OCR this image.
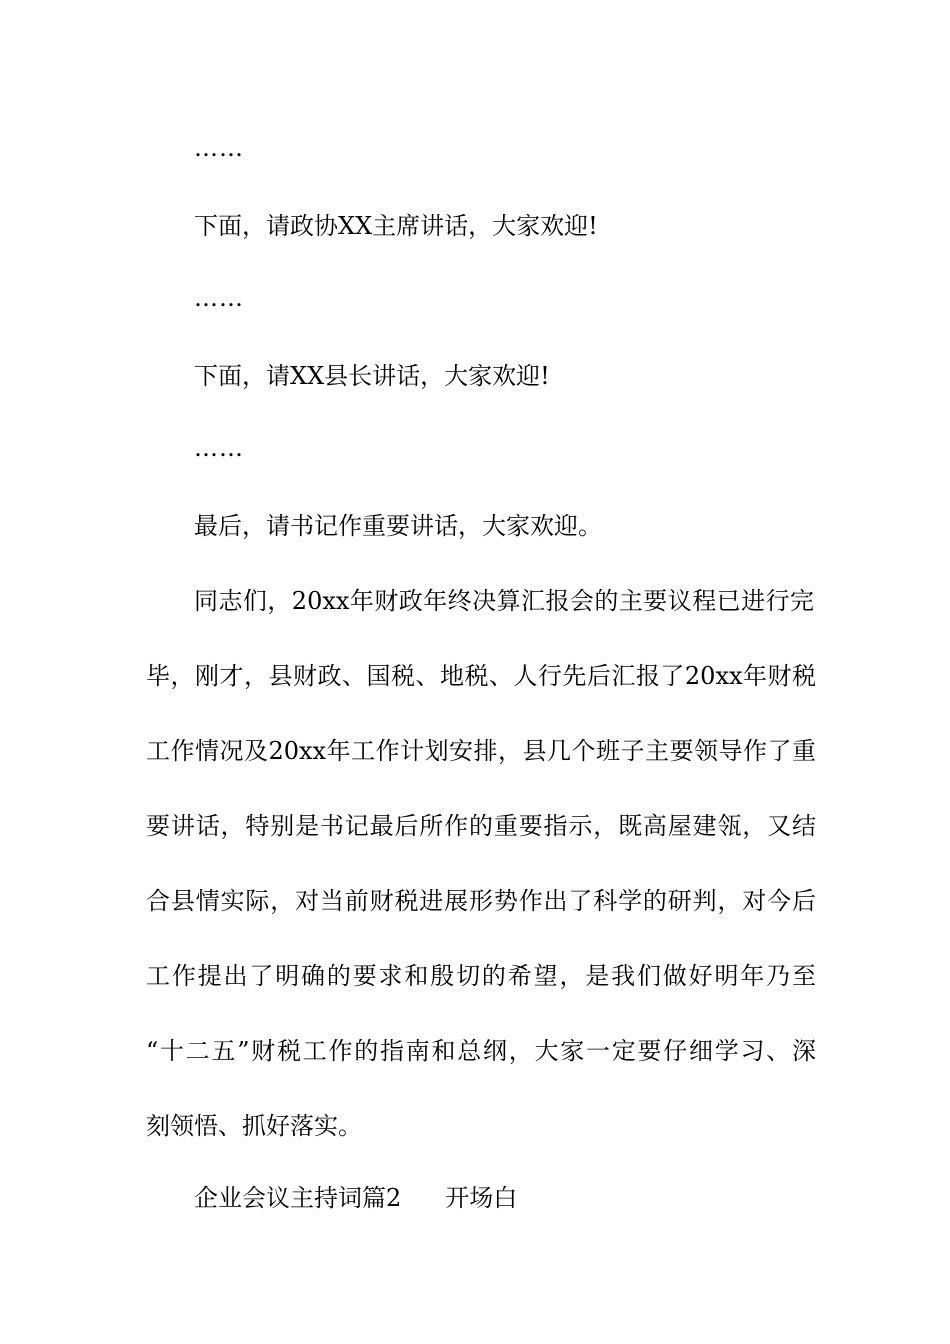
……
下面，请政协XX主席讲话，大家欢迎!
……
下面，请XX县长讲话，大家欢迎!
……
最后，请书记作重要讲话，大家欢迎。
同志们，20xx年财政年终决算汇报会的主要议程已进行完
毕，刚才，县财政、国税、地税、人行先后汇报了20xx年财税
工作情况及20xx年工作计划安排，县几个班子主要领导作了重
要讲话，特别是书记最后所作的重要指示，既高屋建瓴，又结
合县情实际，对当前财税进展形势作出了科学的研判，对今后
工作提出了明确的要求和殷切的希望，是我们做好明年乃至
“十二五”财税工作的指南和总纲，大家一定要仔细学习、深
刻领悟、抓好落实。
企业会议主持词篇2 开场白
